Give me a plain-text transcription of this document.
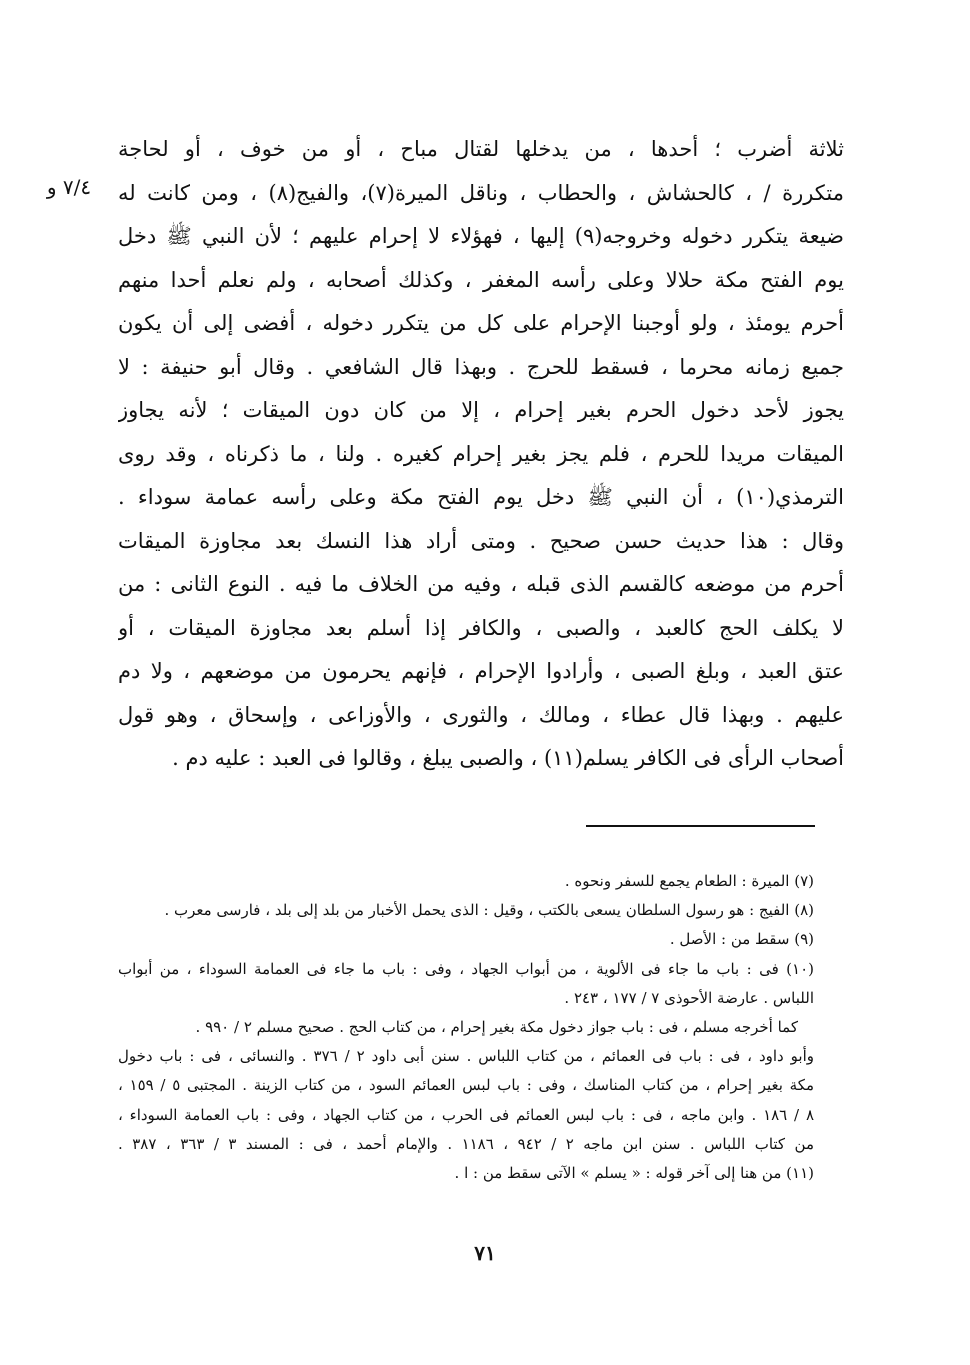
٧/٤ و
ثلاثة أضرب ؛ أحدها ، من يدخلها لقتال مباح ، أو من خوف ، أو لحاجة
متكررة / ، كالحشاش ، والحطاب ، وناقل الميرة(٧)، والفيج(٨) ، ومن كانت له
ضيعة يتكرر دخوله وخروجه(٩) إليها ، فهؤلاء لا إحرام عليهم ؛ لأن النبي ﷺ دخل
يوم الفتح مكة حلالا وعلى رأسه المغفر ، وكذلك أصحابه ، ولم نعلم أحدا منهم
أحرم يومئذ ، ولو أوجبنا الإحرام على كل من يتكرر دخوله ، أفضى إلى أن يكون
جميع زمانه محرما ، فسقط للحرج . وبهذا قال الشافعي . وقال أبو حنيفة : لا
يجوز لأحد دخول الحرم بغير إحرام ، إلا من كان دون الميقات ؛ لأنه يجاوز
الميقات مريدا للحرم ، فلم يجز بغير إحرام كغيره . ولنا ، ما ذكرناه ، وقد روى
الترمذي(١٠) ، أن النبي ﷺ دخل يوم الفتح مكة وعلى رأسه عمامة سوداء .
وقال : هذا حديث حسن صحيح . ومتى أراد هذا النسك بعد مجاوزة الميقات
أحرم من موضعه كالقسم الذى قبله ، وفيه من الخلاف ما فيه . النوع الثانى : من
لا يكلف الحج كالعبد ، والصبى ، والكافر إذا أسلم بعد مجاوزة الميقات ، أو
عتق العبد ، وبلغ الصبى ، وأرادوا الإحرام ، فإنهم يحرمون من موضعهم ، ولا دم
عليهم . وبهذا قال عطاء ، ومالك ، والثورى ، والأوزاعى ، وإسحاق ، وهو قول
أصحاب الرأى فى الكافر يسلم(١١) ، والصبى يبلغ ، وقالوا فى العبد : عليه دم .
(٧) الميرة : الطعام يجمع للسفر ونحوه .
(٨) الفيج : هو رسول السلطان يسعى بالكتب ، وقيل : الذى يحمل الأخبار من بلد إلى بلد ، فارسى معرب .
(٩) سقط من : الأصل .
(١٠) فى : باب ما جاء فى الألوية ، من أبواب الجهاد ، وفى : باب ما جاء فى العمامة السوداء ، من أبواب
اللباس . عارضة الأحوذى ٧ / ١٧٧ ، ٢٤٣ .
كما أخرجه مسلم ، فى : باب جواز دخول مكة بغير إحرام ، من كتاب الحج . صحيح مسلم ٢ / ٩٩٠ .
وأبو داود ، فى : باب فى العمائم ، من كتاب اللباس . سنن أبى داود ٢ / ٣٧٦ . والنسائى ، فى : باب دخول
مكة بغير إحرام ، من كتاب المناسك ، وفى : باب لبس العمائم السود ، من كتاب الزينة . المجتبى ٥ / ١٥٩ ،
٨ / ١٨٦ . وابن ماجه ، فى : باب لبس العمائم فى الحرب ، من كتاب الجهاد ، وفى : باب العمامة السوداء ،
من كتاب اللباس . سنن ابن ماجه ٢ / ٩٤٢ ، ١١٨٦ . والإمام أحمد ، فى : المسند ٣ / ٣٦٣ ، ٣٨٧ .
(١١) من هنا إلى آخر قوله : « يسلم » الآتى سقط من : ا .
٧١
